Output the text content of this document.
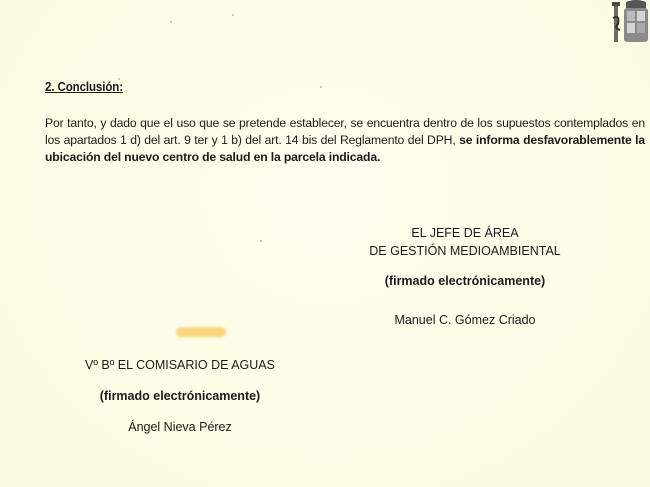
2. Conclusión:
Por tanto, y dado que el uso que se pretende establecer, se encuentra dentro de los supuestos contemplados en los apartados 1 d) del art. 9 ter y 1 b) del art. 14 bis del Reglamento del DPH, se informa desfavorablemente la ubicación del nuevo centro de salud en la parcela indicada.
EL JEFE DE ÁREA
DE GESTIÓN MEDIOAMBIENTAL
(firmado electrónicamente)
Manuel C. Gómez Criado
Vº Bº EL COMISARIO DE AGUAS
(firmado electrónicamente)
Ángel Nieva Pérez
